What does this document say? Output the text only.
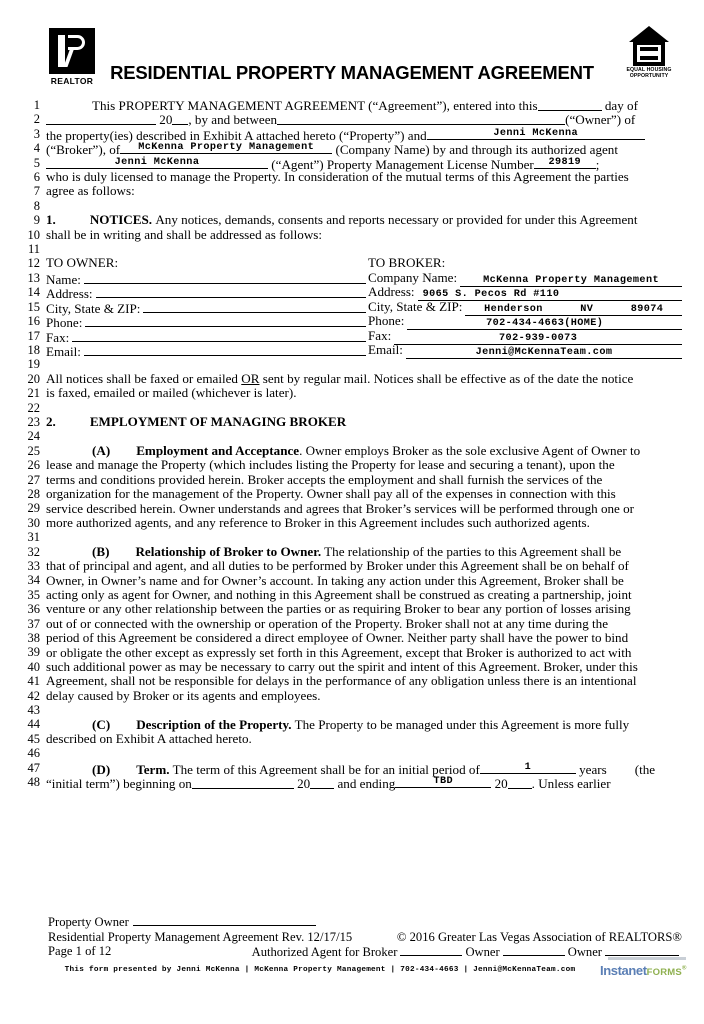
REALTOR
EQUAL HOUSING
OPPORTUNITY
RESIDENTIAL PROPERTY MANAGEMENT AGREEMENT
1
2
3
4
5
6
7
8
9
10
11
12
13
14
15
16
17
18
19
20
21
22
23
24
25
26
27
28
29
30
31
32
33
34
35
36
37
38
39
40
41
42
43
44
45
46
47
48
This PROPERTY MANAGEMENT AGREEMENT (“Agreement”), entered into this	day of
20 , by and between	(“Owner”) of
the property(ies) described in Exhibit A attached hereto (“Property”) and	Jenni McKenna
(“Broker”), of McKenna Property Management (Company Name) by and through its authorized agent
Jenni McKenna	(“Agent”) Property Management License Number 29819 ;
who is duly licensed to manage the Property. In consideration of the mutual terms of this Agreement the parties
agree as follows:

1.	NOTICES. Any notices, demands, consents and reports necessary or provided for under this Agreement
shall be in writing and shall be addressed as follows:

TO OWNER:
Name:
Address:
City, State & ZIP:
Phone:
Fax:
Email:
TO BROKER:
Company Name:	McKenna Property Management
Address: 9065 S. Pecos Rd #110
City, State & ZIP: Henderson	NV	89074
Phone:	702-434-4663(HOME)
Fax:	702-939-0073
Email:	Jenni@McKennaTeam.com

All notices shall be faxed or emailed OR sent by regular mail. Notices shall be effective as of the date the notice
is faxed, emailed or mailed (whichever is later).

2.	EMPLOYMENT OF MANAGING BROKER

(A) Employment and Acceptance. Owner employs Broker as the sole exclusive Agent of Owner to
lease and manage the Property (which includes listing the Property for lease and securing a tenant), upon the
terms and conditions provided herein. Broker accepts the employment and shall furnish the services of the
organization for the management of the Property. Owner shall pay all of the expenses in connection with this
service described herein. Owner understands and agrees that Broker’s services will be performed through one or
more authorized agents, and any reference to Broker in this Agreement includes such authorized agents.

(B) Relationship of Broker to Owner. The relationship of the parties to this Agreement shall be
that of principal and agent, and all duties to be performed by Broker under this Agreement shall be on behalf of
Owner, in Owner’s name and for Owner’s account. In taking any action under this Agreement, Broker shall be
acting only as agent for Owner, and nothing in this Agreement shall be construed as creating a partnership, joint
venture or any other relationship between the parties or as requiring Broker to bear any portion of losses arising
out of or connected with the ownership or operation of the Property. Broker shall not at any time during the
period of this Agreement be considered a direct employee of Owner. Neither party shall have the power to bind
or obligate the other except as expressly set forth in this Agreement, except that Broker is authorized to act with
such additional power as may be necessary to carry out the spirit and intent of this Agreement. Broker, under this
Agreement, shall not be responsible for delays in the performance of any obligation unless there is an intentional
delay caused by Broker or its agents and employees.

(C) Description of the Property. The Property to be managed under this Agreement is more fully
described on Exhibit A attached hereto.

(D) Term. The term of this Agreement shall be for an initial period of	1	years (the
“initial term”) beginning on	20 and ending	TBD	20 . Unless earlier
Property Owner
Residential Property Management Agreement Rev. 12/17/15	© 2016 Greater Las Vegas Association of REALTORS®
Page 1 of 12	Authorized Agent for Broker	Owner	Owner
This form presented by Jenni McKenna | McKenna Property Management | 702-434-4663 | Jenni@McKennaTeam.com	InstanetFORMS®
